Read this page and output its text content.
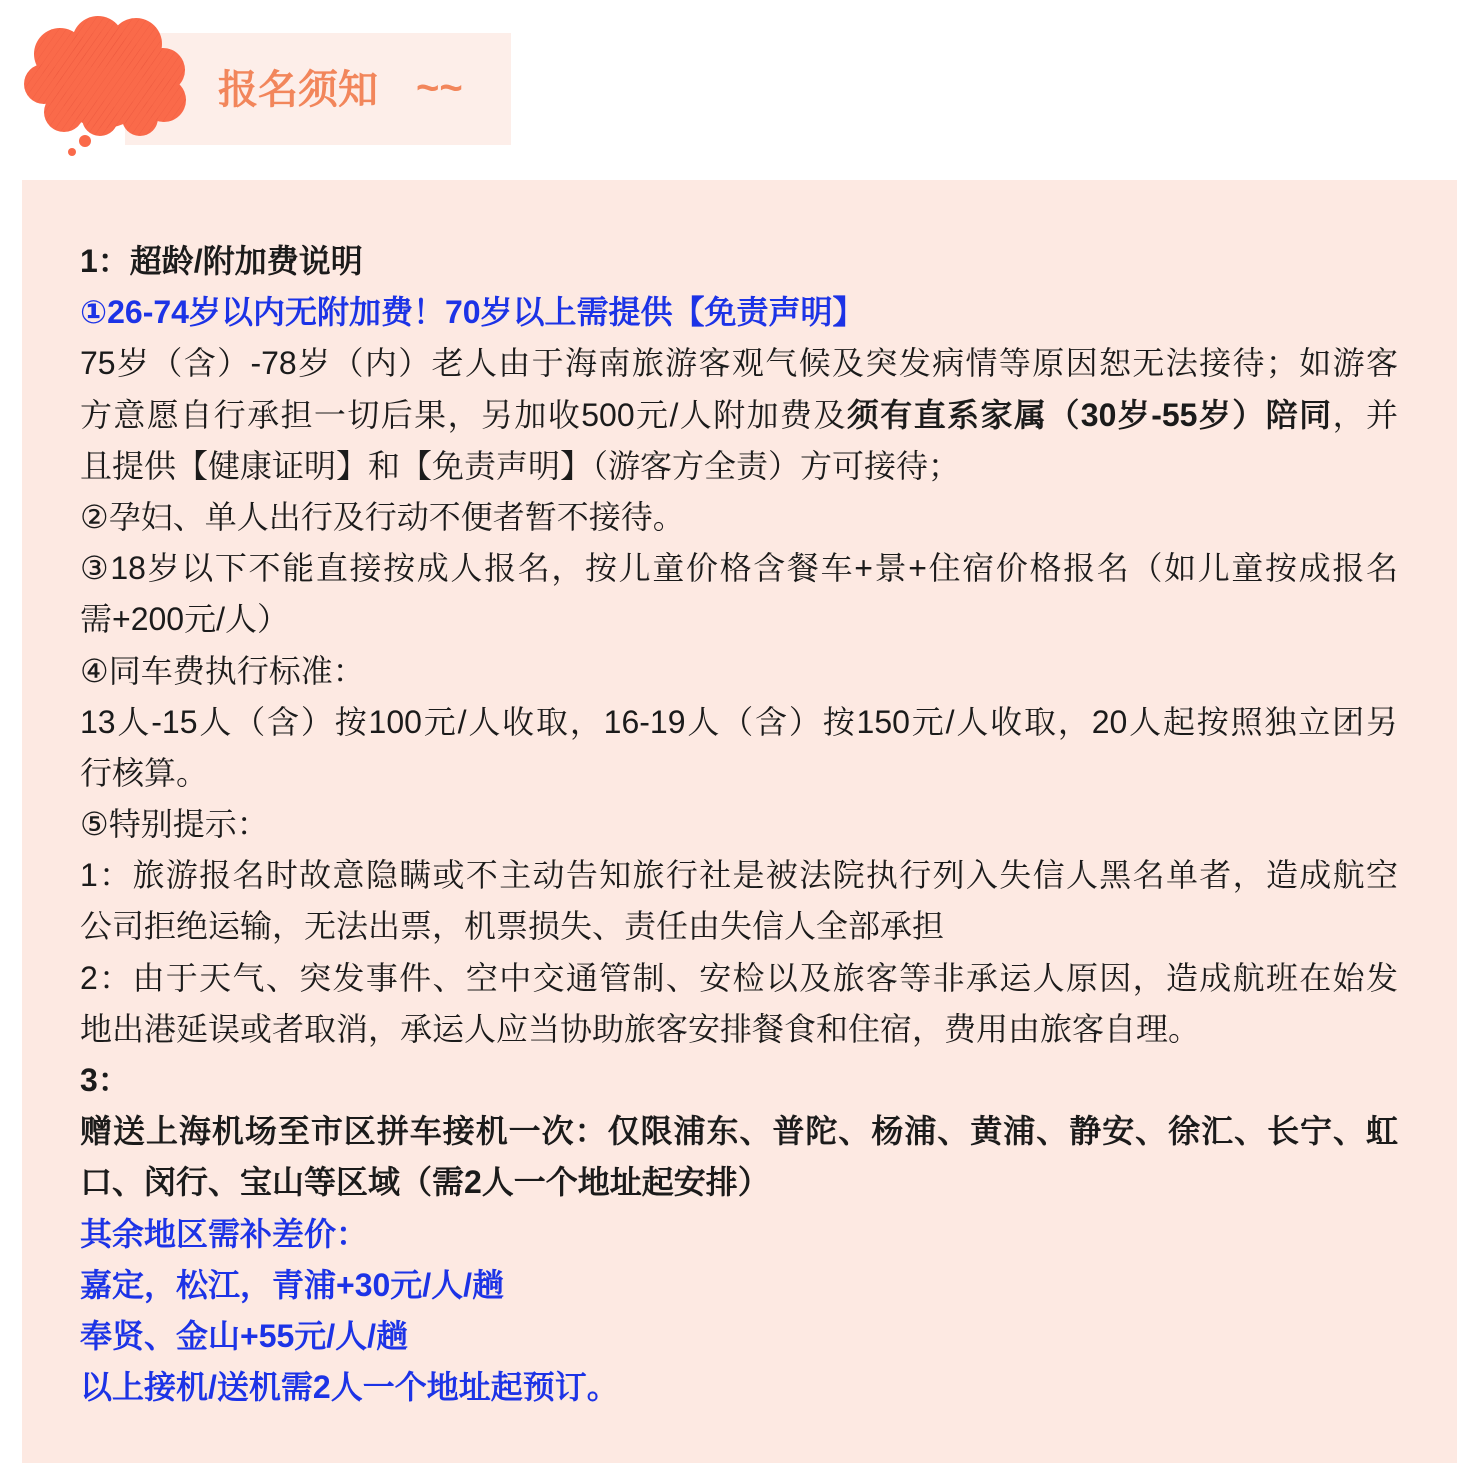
报名须知 ~~
1：超龄/附加费说明
①26-74岁以内无附加费！70岁以上需提供【免责声明】
75岁（含）-78岁（内）老人由于海南旅游客观气候及突发病情等原因恕无法接待；如游客
方意愿自行承担一切后果，另加收500元/人附加费及须有直系家属（30岁-55岁）陪同，并
且提供【健康证明】和【免责声明】（游客方全责）方可接待；
②孕妇、单人出行及行动不便者暂不接待。
③18岁以下不能直接按成人报名，按儿童价格含餐车+景+住宿价格报名（如儿童按成报名
需+200元/人）
④同车费执行标准：
13人-15人（含）按100元/人收取，16-19人（含）按150元/人收取，20人起按照独立团另
行核算。
⑤特别提示：
1：旅游报名时故意隐瞒或不主动告知旅行社是被法院执行列入失信人黑名单者，造成航空
公司拒绝运输，无法出票，机票损失、责任由失信人全部承担
2：由于天气、突发事件、空中交通管制、安检以及旅客等非承运人原因，造成航班在始发
地出港延误或者取消，承运人应当协助旅客安排餐食和住宿，费用由旅客自理。
3：
赠送上海机场至市区拼车接机一次：仅限浦东、普陀、杨浦、黄浦、静安、徐汇、长宁、虹
口、闵行、宝山等区域（需2人一个地址起安排）
其余地区需补差价：
嘉定，松江，青浦+30元/人/趟
奉贤、金山+55元/人/趟
以上接机/送机需2人一个地址起预订。
